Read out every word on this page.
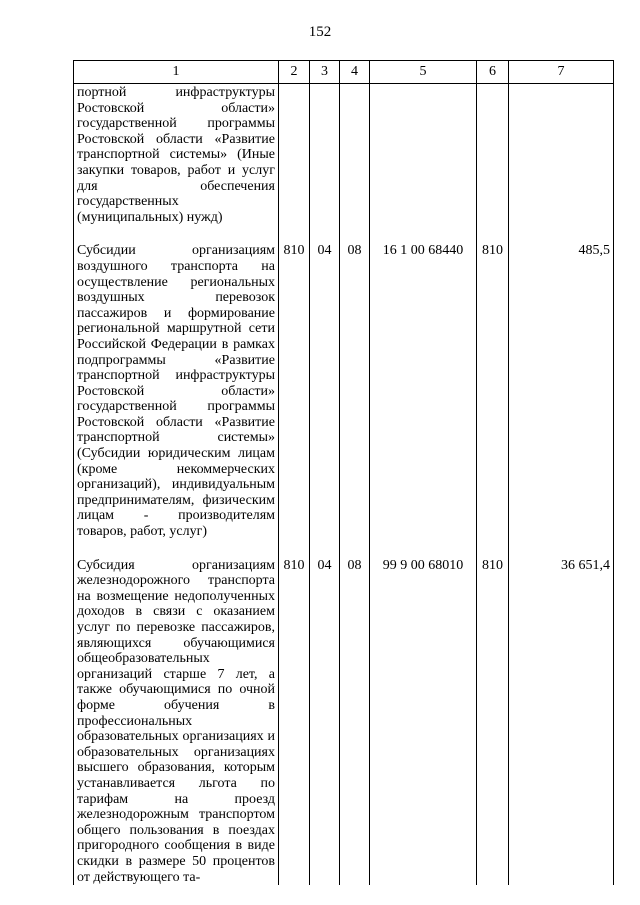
152
1	2	3	4	5	6	7
портной инфраструктуры Ростовской области» государственной программы Ростовской области «Развитие транспортной системы» (Иные закупки товаров, работ и услуг для обеспечения государственных (муниципальных) нужд)						
Субсидии организациям воздушного транспорта на осуществление региональных воздушных перевозок пассажиров и формирование региональной маршрутной сети Российской Федерации в рамках подпрограммы «Развитие транспортной инфраструктуры Ростовской области» государственной программы Ростовской области «Развитие транспортной системы» (Субсидии юридическим лицам (кроме некоммерческих организаций), индивидуальным предпринимателям, физическим лицам - производителям товаров, работ, услуг)	810	04	08	16 1 00 68440	810	485,5
Субсидия организациям железнодорожного транспорта на возмещение недополученных доходов в связи с оказанием услуг по перевозке пассажиров, являющихся обучающимися общеобразовательных организаций старше 7 лет, а также обучающимися по очной форме обучения в профессиональных образовательных организациях и образовательных организациях высшего образования, которым устанавливается льгота по тарифам на проезд железнодорожным транспортом общего пользования в поездах пригородного сообщения в виде скидки в размере 50 процентов от действующего та-	810	04	08	99 9 00 68010	810	36 651,4
